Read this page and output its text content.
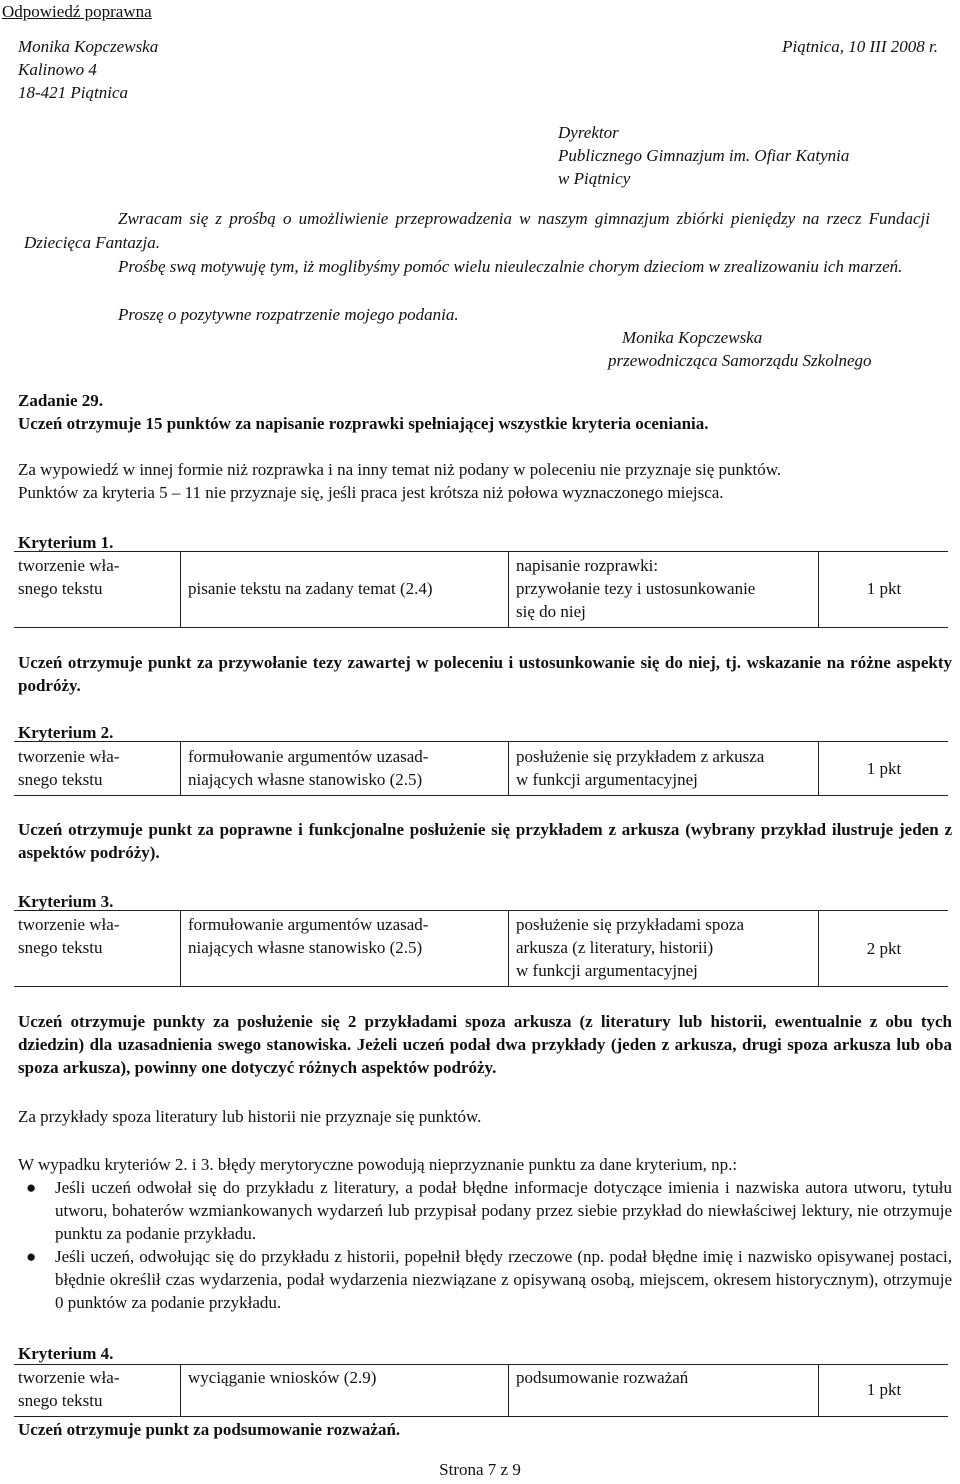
Odpowiedź poprawna
Monika Kopczewska
Kalinowo 4
18-421 Piątnica
Piątnica, 10 III 2008 r.
Dyrektor
Publicznego Gimnazjum im. Ofiar Katynia
w Piątnicy
Zwracam się z prośbą o umożliwienie przeprowadzenia w naszym gimnazjum zbiórki pieniędzy na rzecz Fundacji Dziecięca Fantazja.
Prośbę swą motywuję tym, iż moglibyśmy pomóc wielu nieuleczalnie chorym dzieciom w zrealizowaniu ich marzeń.
Proszę o pozytywne rozpatrzenie mojego podania.
Monika Kopczewska
przewodnicząca Samorządu Szkolnego
Zadanie 29.
Uczeń otrzymuje 15 punktów za napisanie rozprawki spełniającej wszystkie kryteria oceniania.
Za wypowiedź w innej formie niż rozprawka i na inny temat niż podany w poleceniu nie przyznaje się punktów.
Punktów za kryteria 5 – 11 nie przyznaje się, jeśli praca jest krótsza niż połowa wyznaczonego miejsca.
Kryterium 1.
tworzenie wła-
snego tekstu	pisanie tekstu na zadany temat (2.4)
napisanie rozprawki:
przywołanie tezy i ustosunkowanie
się do niej
1 pkt
Uczeń otrzymuje punkt za przywołanie tezy zawartej w poleceniu i ustosunkowanie się do niej, tj. wskazanie na różne aspekty podróży.
Kryterium 2.
tworzenie wła-
snego tekstu
formułowanie argumentów uzasad-
niających własne stanowisko (2.5)
posłużenie się przykładem z arkusza
w funkcji argumentacyjnej
1 pkt
Uczeń otrzymuje punkt za poprawne i funkcjonalne posłużenie się przykładem z arkusza (wybrany przykład ilustruje jeden z aspektów podróży).
Kryterium 3.
tworzenie wła-
snego tekstu
formułowanie argumentów uzasad-
niających własne stanowisko (2.5)
posłużenie się przykładami spoza
arkusza (z literatury, historii)
w funkcji argumentacyjnej
2 pkt
Uczeń otrzymuje punkty za posłużenie się 2 przykładami spoza arkusza (z literatury lub historii, ewentualnie z obu tych dziedzin) dla uzasadnienia swego stanowiska. Jeżeli uczeń podał dwa przykłady (jeden z arkusza, drugi spoza arkusza lub oba spoza arkusza), powinny one dotyczyć różnych aspektów podróży.
Za przykłady spoza literatury lub historii nie przyznaje się punktów.
W wypadku kryteriów 2. i 3. błędy merytoryczne powodują nieprzyznanie punktu za dane kryterium, np.:
● Jeśli uczeń odwołał się do przykładu z literatury, a podał błędne informacje dotyczące imienia i nazwiska autora utworu, tytułu utworu, bohaterów wzmiankowanych wydarzeń lub przypisał podany przez siebie przykład do niewłaściwej lektury, nie otrzymuje punktu za podanie przykładu.
● Jeśli uczeń, odwołując się do przykładu z historii, popełnił błędy rzeczowe (np. podał błędne imię i nazwisko opisywanej postaci, błędnie określił czas wydarzenia, podał wydarzenia niezwiązane z opisywaną osobą, miejscem, okresem historycznym), otrzymuje 0 punktów za podanie przykładu.
Kryterium 4.
tworzenie wła-
snego tekstu
wyciąganie wniosków (2.9)	podsumowanie rozważań
1 pkt
Uczeń otrzymuje punkt za podsumowanie rozważań.
Strona 7 z 9
